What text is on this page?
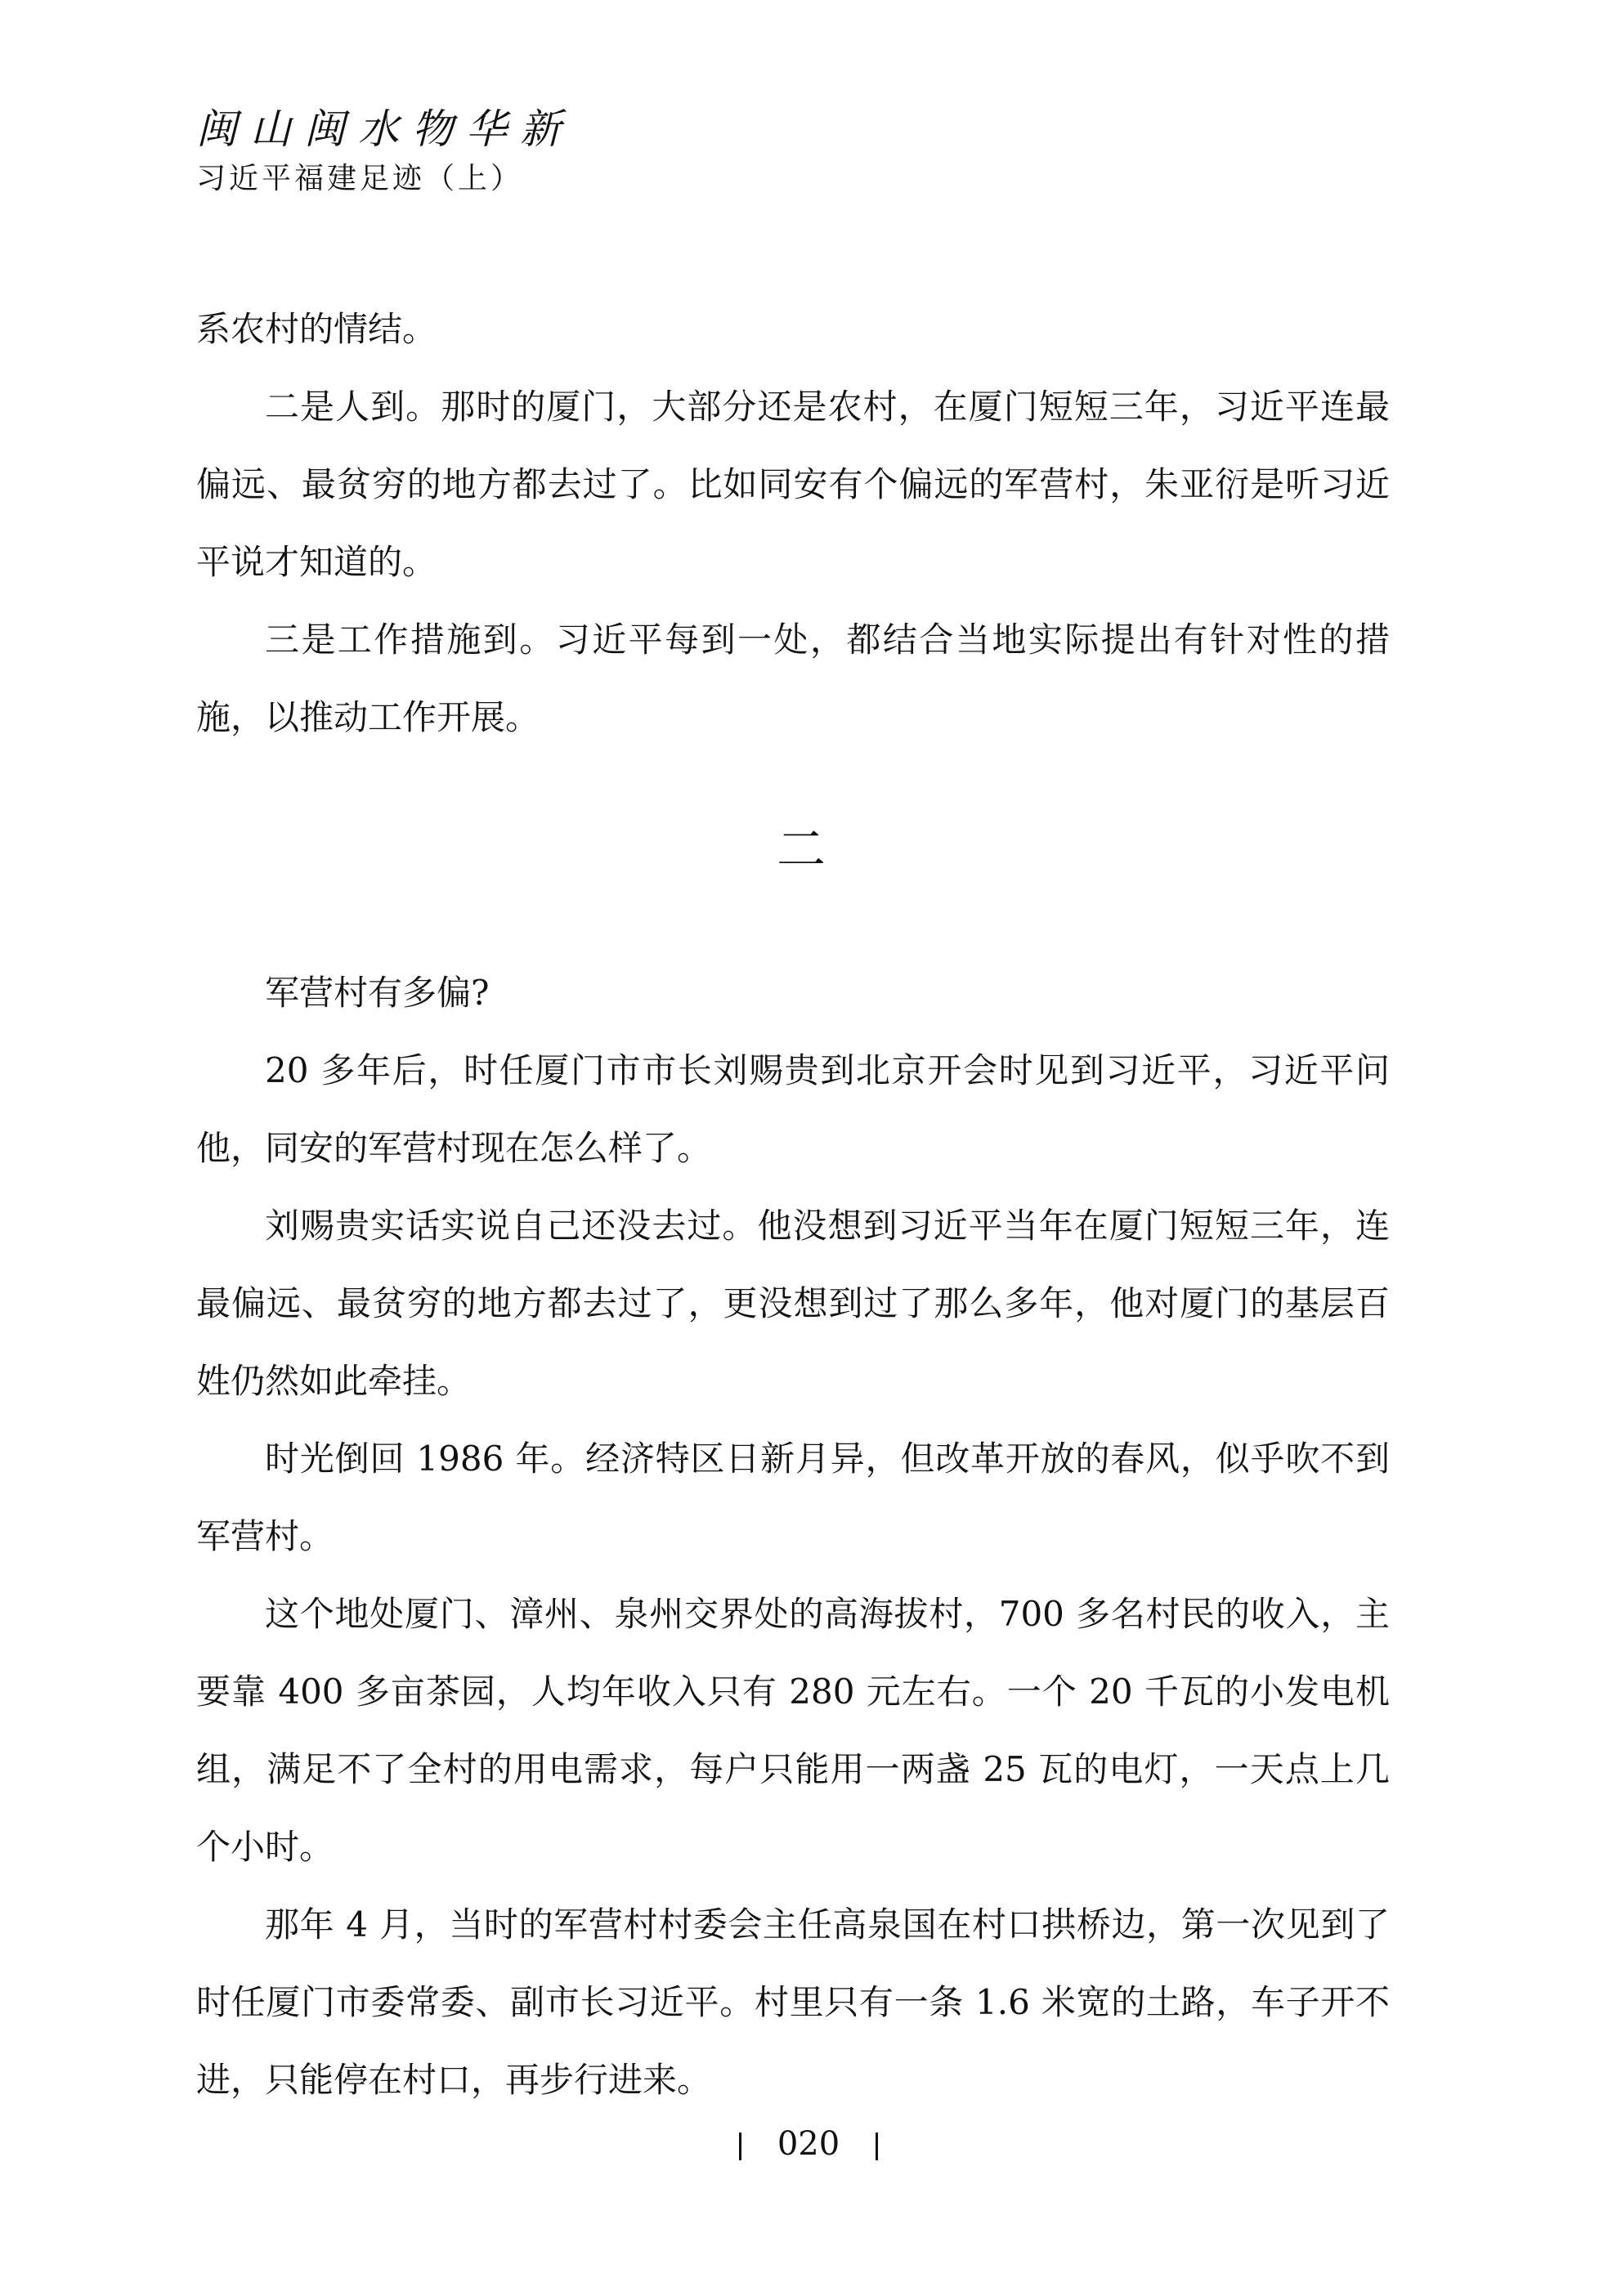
闽山闽水物华新
习近平福建足迹（上）

系农村的情结。

二是人到。那时的厦门，大部分还是农村，在厦门短短三年，习近平连最偏远、最贫穷的地方都去过了。比如同安有个偏远的军营村，朱亚衍是听习近平说才知道的。

三是工作措施到。习近平每到一处，都结合当地实际提出有针对性的措施，以推动工作开展。

二

军营村有多偏?

20 多年后，时任厦门市市长刘赐贵到北京开会时见到习近平，习近平问他，同安的军营村现在怎么样了。

刘赐贵实话实说自己还没去过。他没想到习近平当年在厦门短短三年，连最偏远、最贫穷的地方都去过了，更没想到过了那么多年，他对厦门的基层百姓仍然如此牵挂。

时光倒回 1986 年。经济特区日新月异，但改革开放的春风，似乎吹不到军营村。

这个地处厦门、漳州、泉州交界处的高海拔村，700 多名村民的收入，主要靠 400 多亩茶园，人均年收入只有 280 元左右。一个 20 千瓦的小发电机组，满足不了全村的用电需求，每户只能用一两盏 25 瓦的电灯，一天点上几个小时。

那年 4 月，当时的军营村村委会主任高泉国在村口拱桥边，第一次见到了时任厦门市委常委、副市长习近平。村里只有一条 1.6 米宽的土路，车子开不进，只能停在村口，再步行进来。

020
